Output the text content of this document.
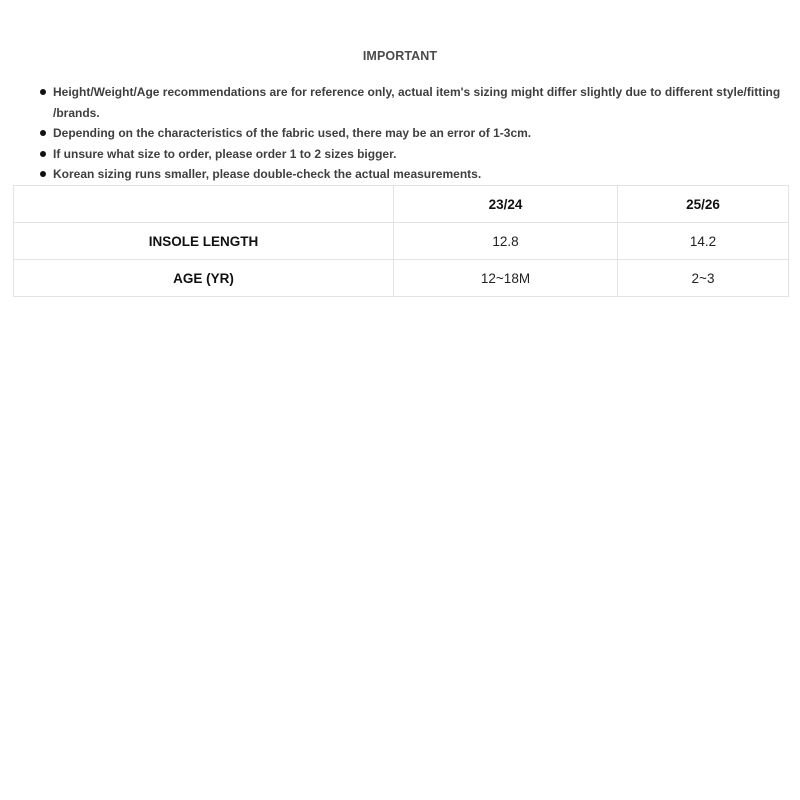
IMPORTANT
Height/Weight/Age recommendations are for reference only, actual item's sizing might differ slightly due to different style/fitting /brands.
Depending on the characteristics of the fabric used, there may be an error of 1-3cm.
If unsure what size to order, please order 1 to 2 sizes bigger.
Korean sizing runs smaller, please double-check the actual measurements.
	23/24	25/26
INSOLE LENGTH	12.8	14.2
AGE (YR)	12~18M	2~3
